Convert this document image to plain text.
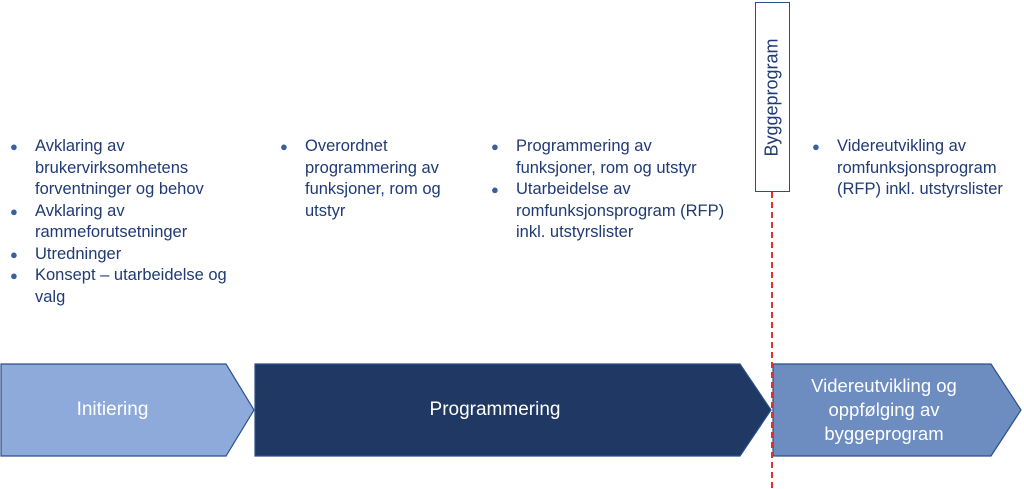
● Avklaring av brukervirksomhetens forventninger og behov
● Avklaring av rammeforutsetninger
● Utredninger
● Konsept – utarbeidelse og valg
● Overordnet programmering av funksjoner, rom og utstyr
● Programmering av funksjoner, rom og utstyr
● Utarbeidelse av romfunksjonsprogram (RFP) inkl. utstyrslister
● Videreutvikling av romfunksjonsprogram (RFP) inkl. utstyrslister
Byggeprogram
Initiering	Programmering
Videreutvikling og oppfølging av byggeprogram
